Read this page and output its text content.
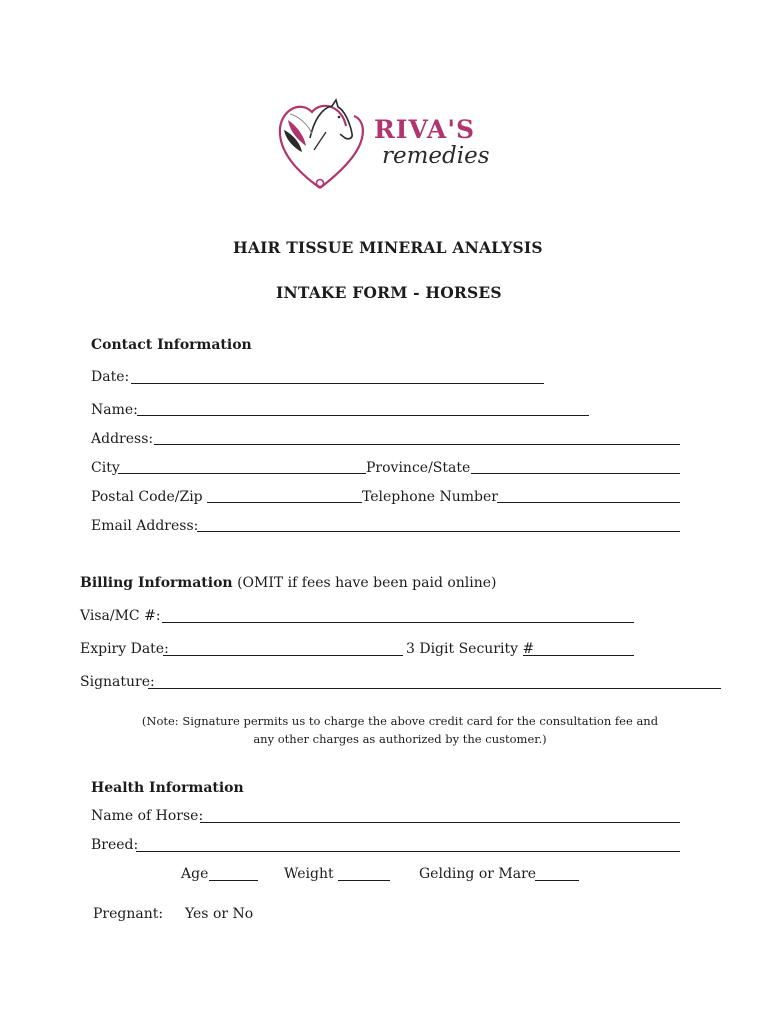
RIVA'S
remedies
HAIR TISSUE MINERAL ANALYSIS
INTAKE FORM - HORSES
Contact Information
Date:
Name:
Address:
City	Province/State
Postal Code/Zip	Telephone Number
Email Address:
Billing Information (OMIT if fees have been paid online)
Visa/MC #:
Expiry Date:	3 Digit Security #
Signature:
(Note: Signature permits us to charge the above credit card for the consultation fee and
any other charges as authorized by the customer.)
Health Information
Name of Horse:
Breed:
Age	Weight	Gelding or Mare
Pregnant: Yes or No
